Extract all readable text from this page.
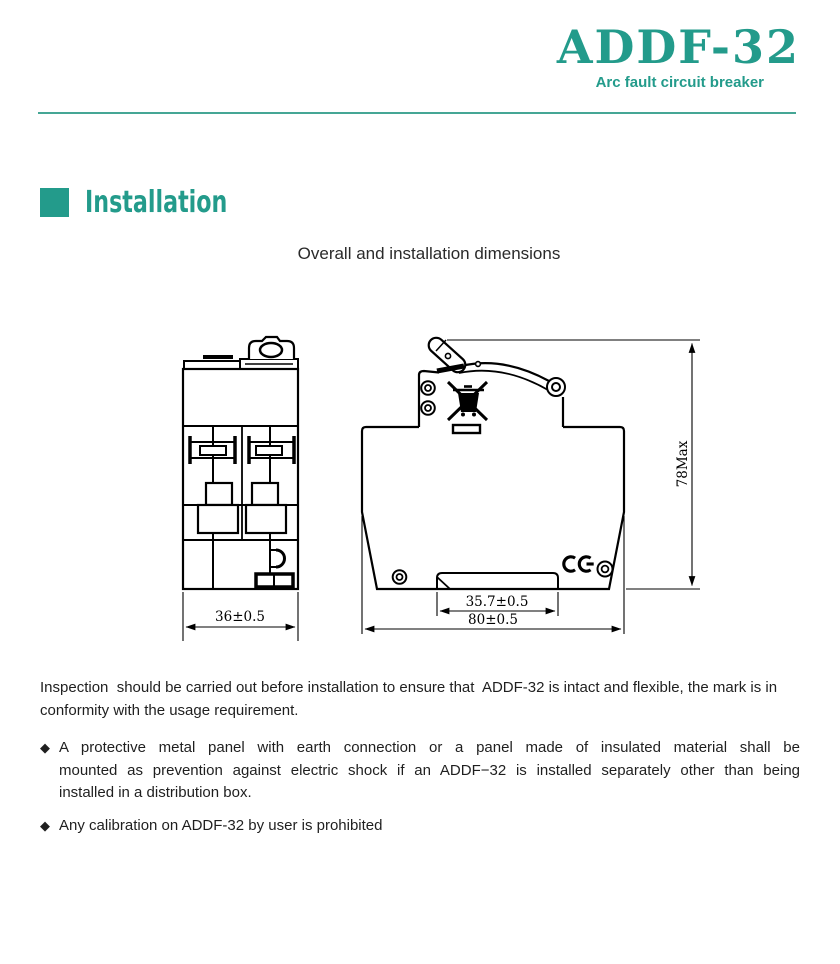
ADDF-32
Arc fault circuit breaker
Installation
Overall and installation dimensions
36±0.5
35.7±0.5
80±0.5
78Max
Inspection  should be carried out before installation to ensure that  ADDF-32 is intact and flexible, the mark is in
conformity with the usage requirement.
◆ A protective metal panel with earth connection or a panel made of insulated material shall be
mounted as prevention against electric shock if an ADDF−32 is installed separately other than being
installed in a distribution box.
◆ Any calibration on ADDF-32 by user is prohibited
